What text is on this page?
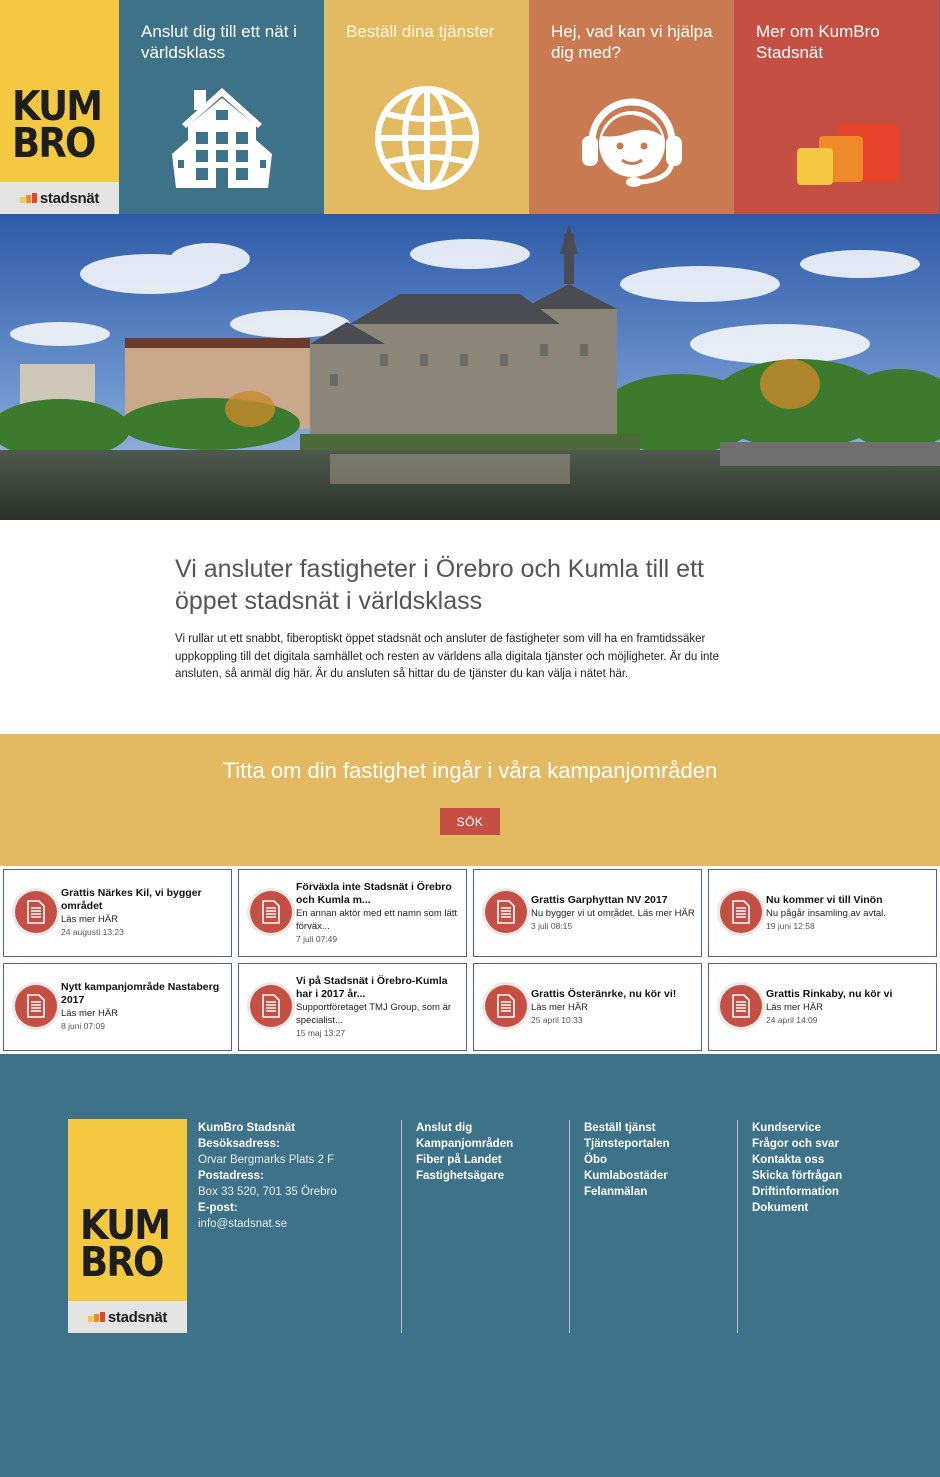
KUM
BRO
stadsnät
Anslut dig till ett nät i världsklass
Beställ dina tjänster	Hej, vad kan vi hjälpa dig med?
Mer om KumBro Stadsnät
Vi ansluter fastigheter i Örebro och Kumla till ett öppet stadsnät i världsklass

Vi rullar ut ett snabbt, fiberoptiskt öppet stadsnät och ansluter de fastigheter som vill ha en framtidssäker uppkoppling till det digitala samhället och resten av världens alla digitala tjänster och möjligheter. Är du inte ansluten, så anmäl dig här. Är du ansluten så hittar du de tjänster du kan välja i nätet här.

Titta om din fastighet ingår i våra kampanjområden
SÖK
Grattis Närkes Kil, vi bygger området
Läs mer HÄR
24 augusti 13:23
Förväxla inte Stadsnät i Örebro och Kumla m...
En annan aktör med ett namn som lätt förväx...
7 juli 07:49
Grattis Garphyttan NV 2017
Nu bygger vi ut området. Läs mer HÄR
3 juli 08:15
Nu kommer vi till Vinön
Nu pågår insamling av avtal.
19 juni 12:58
Nytt kampanjområde Nastaberg 2017
Läs mer HÄR
8 juni 07:09
Vi på Stadsnät i Örebro-Kumla har i 2017 år...
Supportföretaget TMJ Group, som är specialist...
15 maj 13:27
Grattis Österänrke, nu kör vi!
Läs mer HÄR
25 april 10:33
Grattis Rinkaby, nu kör vi
Läs mer HÄR
24 april 14:09
KUM
BRO
stadsnät
KumBro Stadsnät
Besöksadress:
Orvar Bergmarks Plats 2 F
Postadress:
Box 33 520, 701 35 Örebro
E-post:
info@stadsnat.se
Anslut dig
Kampanjområden
Fiber på Landet
Fastighetsägare
Beställ tjänst
Tjänsteportalen
Öbo
Kumlabostäder
Felanmälan
Kundservice
Frågor och svar
Kontakta oss
Skicka förfrågan
Driftinformation
Dokument
